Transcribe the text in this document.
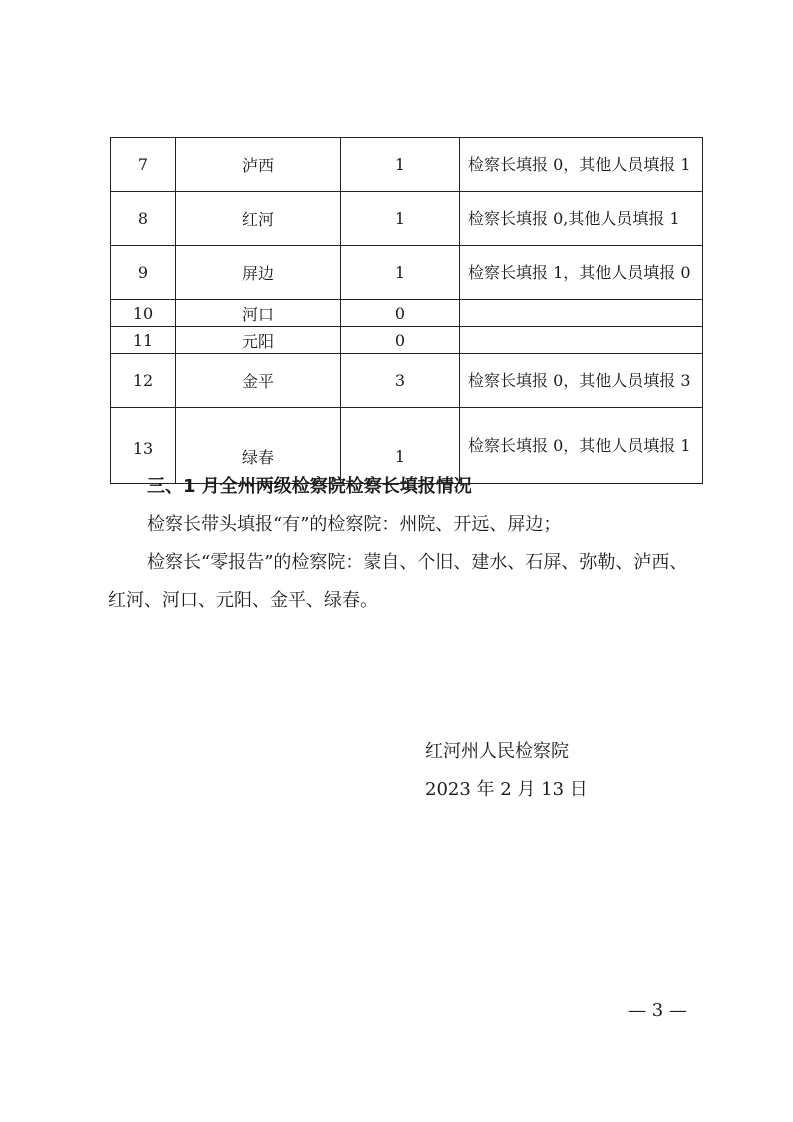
7	泸西	1	检察长填报 0，其他人员填报 1
8	红河	1	检察长填报 0,其他人员填报 1
9	屏边	1	检察长填报 1，其他人员填报 0
10	河口	0	
11	元阳	0	
12	金平	3	检察长填报 0，其他人员填报 3
13	绿春	1	检察长填报 0，其他人员填报 1

三、1 月全州两级检察院检察长填报情况

检察长带头填报“有”的检察院：州院、开远、屏边；

检察长“零报告”的检察院：蒙自、个旧、建水、石屏、弥勒、泸西、红河、河口、元阳、金平、绿春。

红河州人民检察院
2023 年 2 月 13 日

— 3 —
